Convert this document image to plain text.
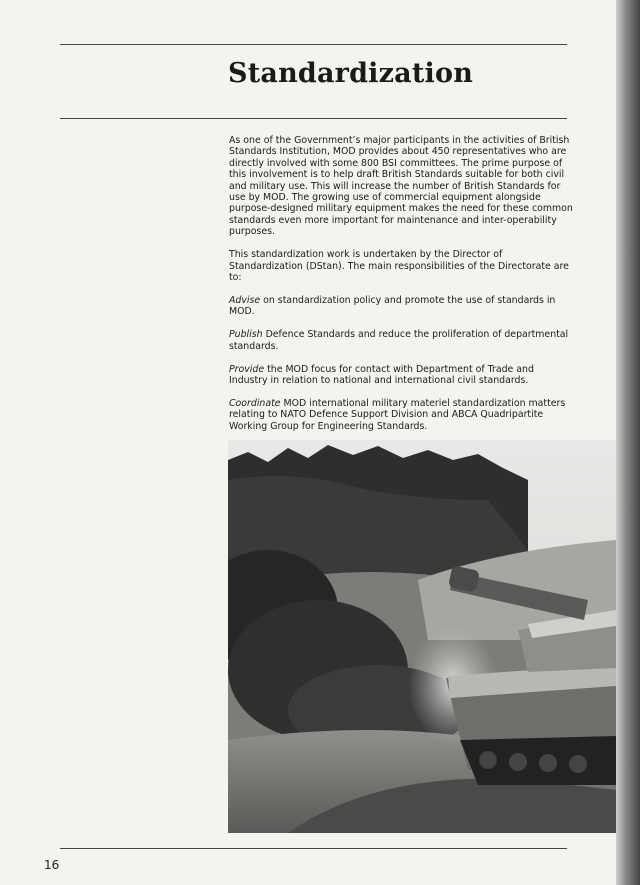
Standardization

As one of the Government’s major participants in the activities of British Standards Institution, MOD provides about 450 representatives who are directly involved with some 800 BSI committees. The prime purpose of this involvement is to help draft British Standards suitable for both civil and military use. This will increase the number of British Standards for use by MOD. The growing use of commercial equipment alongside purpose-designed military equipment makes the need for these common standards even more important for maintenance and inter-operability purposes.

This standardization work is undertaken by the Director of Standardization (DStan). The main responsibilities of the Directorate are to:

Advise on standardization policy and promote the use of standards in MOD.

Publish Defence Standards and reduce the proliferation of departmental standards.

Provide the MOD focus for contact with Department of Trade and Industry in relation to national and international civil standards.

Coordinate MOD international military materiel standardization matters relating to NATO Defence Support Division and ABCA Quadripartite Working Group for Engineering Standards.

16
